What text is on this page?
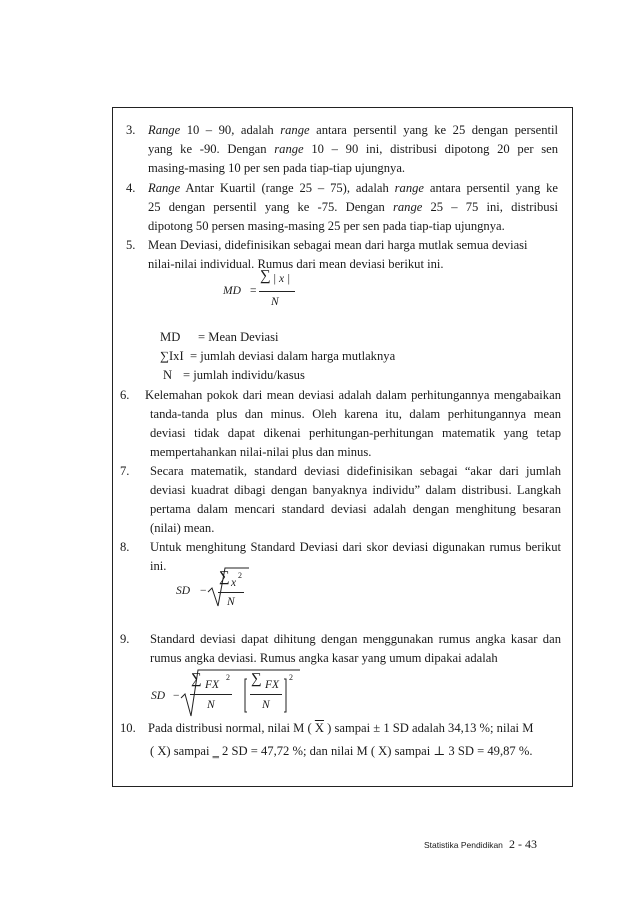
3. Range 10 – 90, adalah range antara persentil yang ke 25 dengan persentil
yang ke -90. Dengan range 10 – 90 ini, distribusi dipotong 20 per sen
masing-masing 10 per sen pada tiap-tiap ujungnya.
4. Range Antar Kuartil (range 25 – 75), adalah range antara persentil yang ke
25 dengan persentil yang ke -75. Dengan range 25 – 75 ini, distribusi
dipotong 50 persen masing-masing 25 per sen pada tiap-tiap ujungnya.
5. Mean Deviasi, didefinisikan sebagai mean dari harga mutlak semua deviasi
nilai-nilai individual. Rumus dari mean deviasi berikut ini.
MD =
∑ | x |
N
MD = Mean Deviasi
∑IxI = jumlah deviasi dalam harga mutlaknya
N = jumlah individu/kasus
6. Kelemahan pokok dari mean deviasi adalah dalam perhitungannya mengabaikan
tanda-tanda plus dan minus. Oleh karena itu, dalam perhitungannya mean
deviasi tidak dapat dikenai perhitungan-perhitungan matematik yang tetap
mempertahankan nilai-nilai plus dan minus.
7. Secara matematik, standard deviasi didefinisikan sebagai “akar dari jumlah
deviasi kuadrat dibagi dengan banyaknya individu” dalam distribusi. Langkah
pertama dalam mencari standard deviasi adalah dengan menghitung besaran
(nilai) mean.
8. Untuk menghitung Standard Deviasi dari skor deviasi digunakan rumus berikut
ini.
SD −
∑ x
2
N
9. Standard deviasi dapat dihitung dengan menggunakan rumus angka kasar dan
rumus angka deviasi. Rumus angka kasar yang umum dipakai adalah
SD −
∑ FX
2
N
∑ FX
N
2
10. Pada distribusi normal, nilai M ( $\overline{X}$ ) sampai ± 1 SD adalah 34,13 %; nilai M
( X) sampai ‗ 2 SD = 47,72 %; dan nilai M ( X) sampai ⊥ 3 SD = 49,87 %.
Statistika Pendidikan 2 - 43
